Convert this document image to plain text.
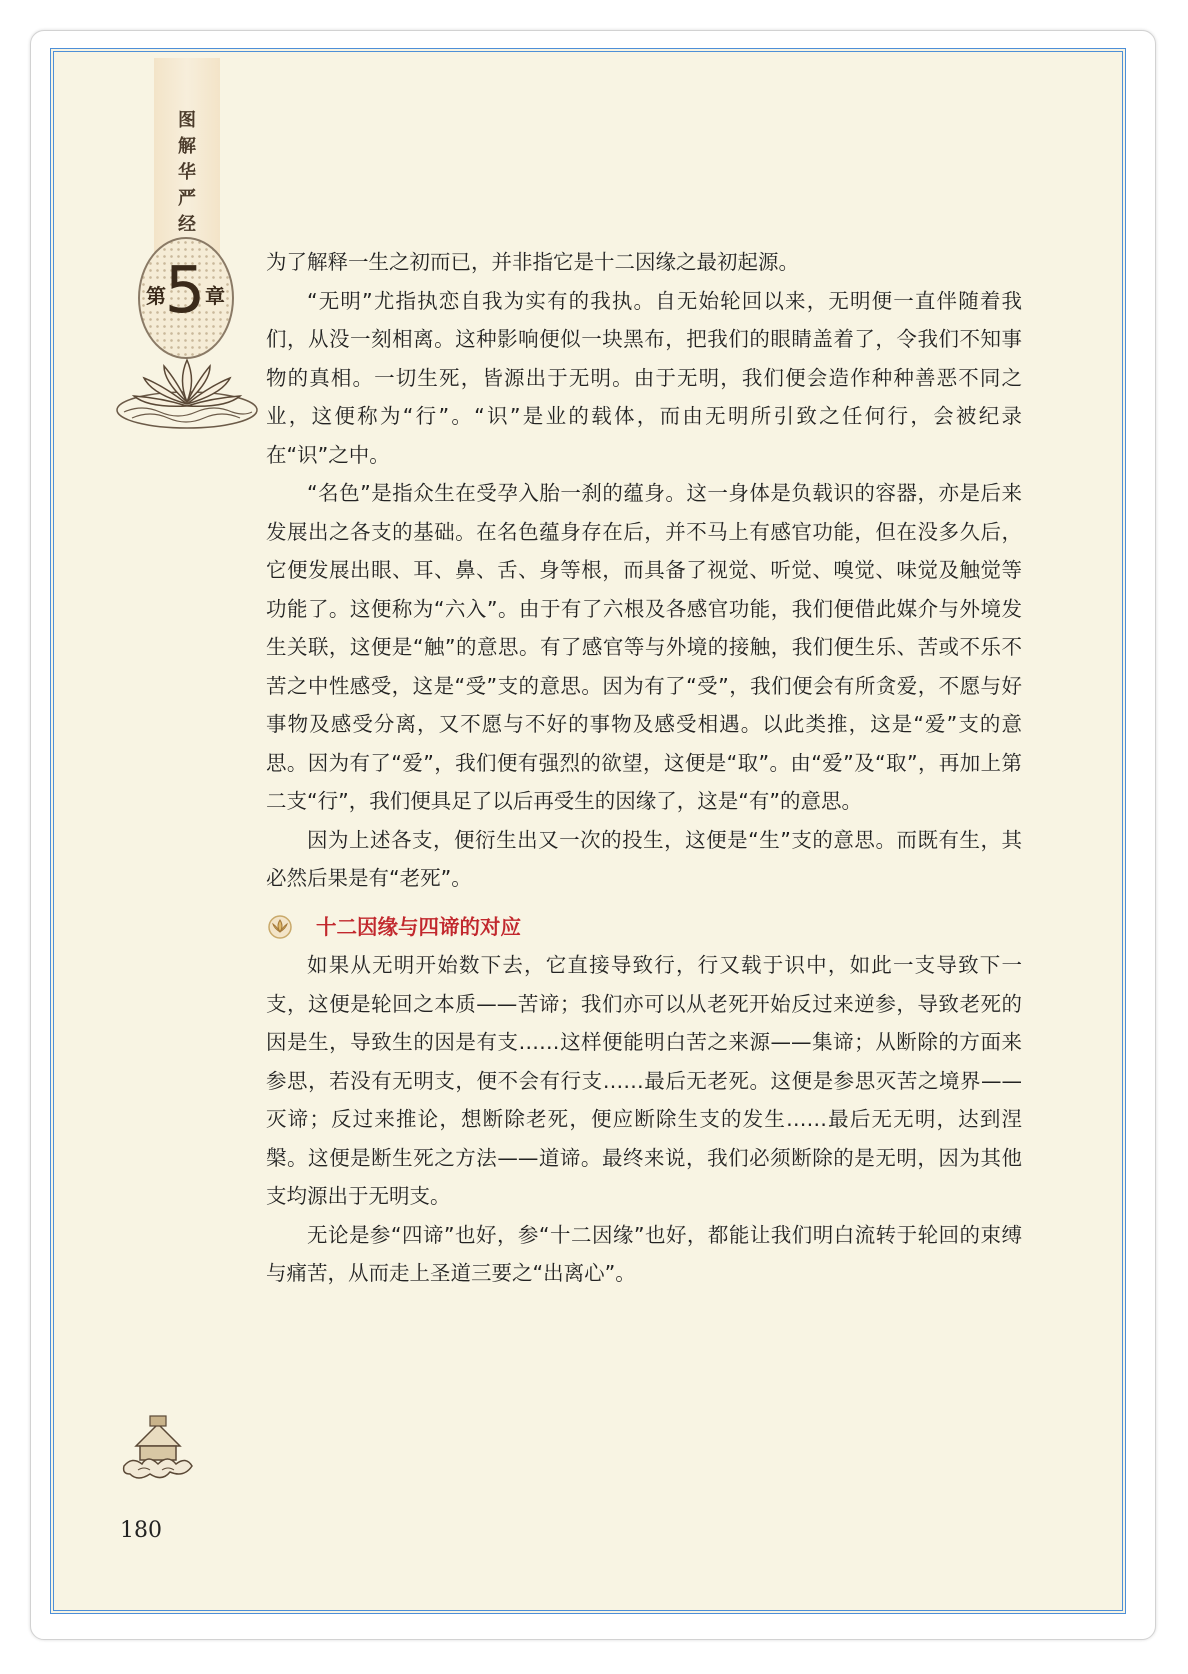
图解华严经
第
5 章

为了解释一生之初而已，并非指它是十二因缘之最初起源。

“无明”尤指执恋自我为实有的我执。自无始轮回以来，无明便一直伴随着我们，从没一刻相离。这种影响便似一块黑布，把我们的眼睛盖着了，令我们不知事物的真相。一切生死，皆源出于无明。由于无明，我们便会造作种种善恶不同之业，这便称为“行”。“识”是业的载体，而由无明所引致之任何行，会被纪录在“识”之中。

“名色”是指众生在受孕入胎一刹的蕴身。这一身体是负载识的容器，亦是后来发展出之各支的基础。在名色蕴身存在后，并不马上有感官功能，但在没多久后，它便发展出眼、耳、鼻、舌、身等根，而具备了视觉、听觉、嗅觉、味觉及触觉等功能了。这便称为“六入”。由于有了六根及各感官功能，我们便借此媒介与外境发生关联，这便是“触”的意思。有了感官等与外境的接触，我们便生乐、苦或不乐不苦之中性感受，这是“受”支的意思。因为有了“受”，我们便会有所贪爱，不愿与好事物及感受分离，又不愿与不好的事物及感受相遇。以此类推，这是“爱”支的意思。因为有了“爱”，我们便有强烈的欲望，这便是“取”。由“爱”及“取”，再加上第二支“行”，我们便具足了以后再受生的因缘了，这是“有”的意思。

因为上述各支，便衍生出又一次的投生，这便是“生”支的意思。而既有生，其必然后果是有“老死”。

十二因缘与四谛的对应

如果从无明开始数下去，它直接导致行，行又载于识中，如此一支导致下一支，这便是轮回之本质——苦谛；我们亦可以从老死开始反过来逆参，导致老死的因是生，导致生的因是有支……这样便能明白苦之来源——集谛；从断除的方面来参思，若没有无明支，便不会有行支……最后无老死。这便是参思灭苦之境界——灭谛；反过来推论，想断除老死，便应断除生支的发生……最后无无明，达到涅槃。这便是断生死之方法——道谛。最终来说，我们必须断除的是无明，因为其他支均源出于无明支。

无论是参“四谛”也好，参“十二因缘”也好，都能让我们明白流转于轮回的束缚与痛苦，从而走上圣道三要之“出离心”。

180
